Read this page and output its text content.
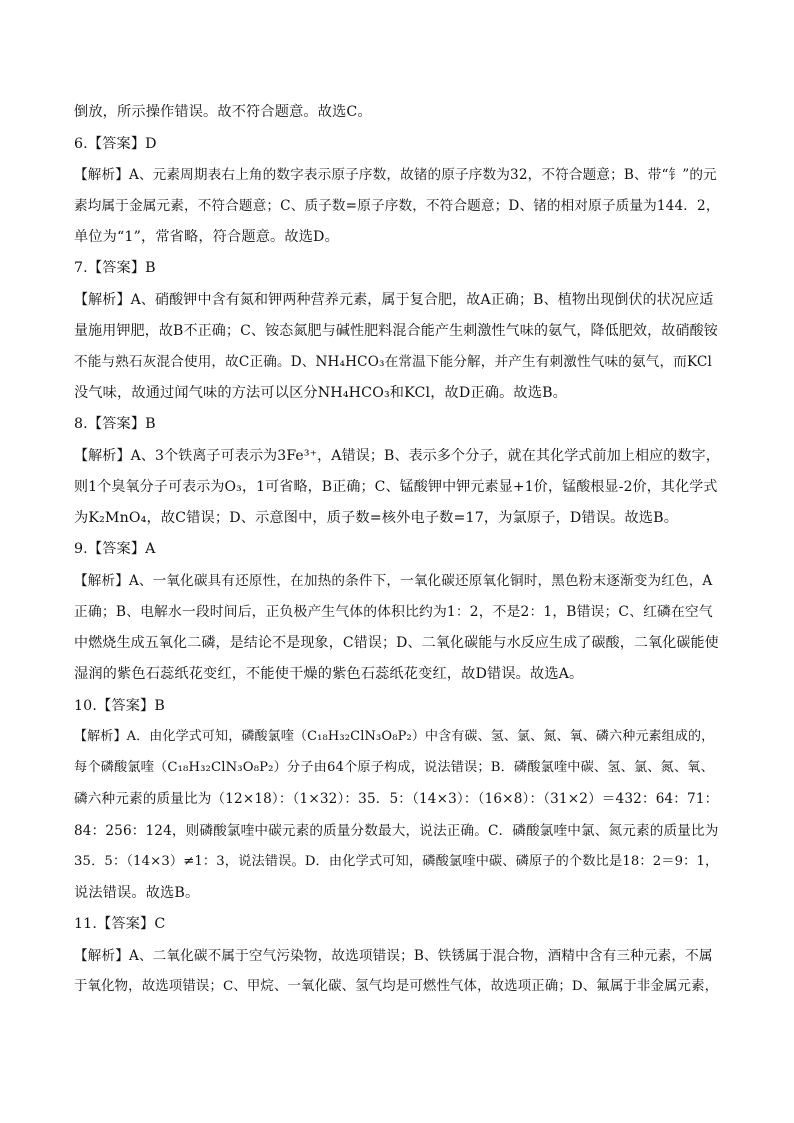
倒放，所示操作错误。故不符合题意。故选C。
6.【答案】D
【解析】A、元素周期表右上角的数字表示原子序数，故锗的原子序数为32，不符合题意；B、带“钅”的元
素均属于金属元素，不符合题意；C、质子数=原子序数，不符合题意；D、锗的相对原子质量为144．2，
单位为“1”，常省略，符合题意。故选D。
7.【答案】B
【解析】A、硝酸钾中含有氮和钾两种营养元素，属于复合肥，故A正确；B、植物出现倒伏的状况应适
量施用钾肥，故B不正确；C、铵态氮肥与碱性肥料混合能产生刺激性气味的氨气，降低肥效，故硝酸铵
不能与熟石灰混合使用，故C正确。D、NH₄HCO₃在常温下能分解，并产生有刺激性气味的氨气，而KCl
没气味，故通过闻气味的方法可以区分NH₄HCO₃和KCl，故D正确。故选B。
8.【答案】B
【解析】A、3个铁离子可表示为3Fe³⁺，A错误；B、表示多个分子，就在其化学式前加上相应的数字，
则1个臭氧分子可表示为O₃，1可省略，B正确；C、锰酸钾中钾元素显+1价，锰酸根显-2价，其化学式
为K₂MnO₄，故C错误；D、示意图中，质子数=核外电子数=17，为氯原子，D错误。故选B。
9.【答案】A
【解析】A、一氧化碳具有还原性，在加热的条件下，一氧化碳还原氧化铜时，黑色粉末逐渐变为红色，A
正确；B、电解水一段时间后，正负极产生气体的体积比约为1：2，不是2：1，B错误；C、红磷在空气
中燃烧生成五氧化二磷，是结论不是现象，C错误；D、二氧化碳能与水反应生成了碳酸，二氧化碳能使
湿润的紫色石蕊纸花变红，不能使干燥的紫色石蕊纸花变红，故D错误。故选A。
10.【答案】B
【解析】A．由化学式可知，磷酸氯喹（C₁₈H₃₂ClN₃O₈P₂）中含有碳、氢、氯、氮、氧、磷六种元素组成的，
每个磷酸氯喹（C₁₈H₃₂ClN₃O₈P₂）分子由64个原子构成，说法错误；B．磷酸氯喹中碳、氢、氯、氮、氧、
磷六种元素的质量比为（12×18）：（1×32）：35．5：（14×3）：（16×8）：（31×2）＝432：64：71：
84：256：124，则磷酸氯喹中碳元素的质量分数最大，说法正确。C．磷酸氯喹中氯、氮元素的质量比为
35．5：（14×3）≠1：3，说法错误。D．由化学式可知，磷酸氯喹中碳、磷原子的个数比是18：2＝9：1，
说法错误。故选B。
11.【答案】C
【解析】A、二氧化碳不属于空气污染物，故选项错误；B、铁锈属于混合物，酒精中含有三种元素，不属
于氧化物，故选项错误；C、甲烷、一氧化碳、氢气均是可燃性气体，故选项正确；D、氟属于非金属元素，
